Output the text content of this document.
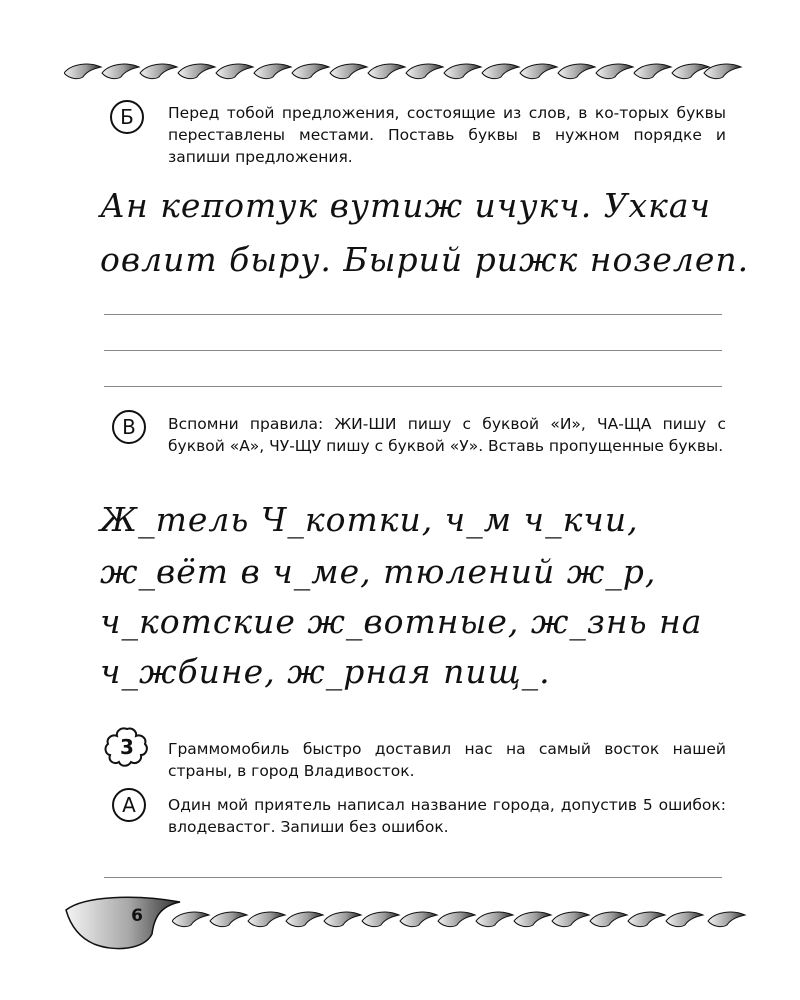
Б	Перед тобой предложения, состоящие из слов, в ко-торых буквы переставлены местами. Поставь буквы в нужном порядке и запиши предложения.

Ан кеᴨотук вутиж ичукч. Ухкач

овлит быру. Бырий рижк нозелеп.

В	Вспомни правила: ЖИ-ШИ пишу с буквой «И», ЧА-ЩА пишу с буквой «А», ЧУ-ЩУ пишу с буквой «У». Вставь пропущенные буквы.

Ж_тель Ч_котки, ч_м ч_кчи,

ж_вёт в ч_ме, тюлений ж_р,

ч_котские ж_вотные, ж_знь на

ч_жбине, ж_рная пищ_.

3	Граммомобиль быстро доставил нас на самый восток нашей страны, в город Владивосток.

А	Один мой приятель написал название города, допустив 5 ошибок: влодевастог. Запиши без ошибок.

6
